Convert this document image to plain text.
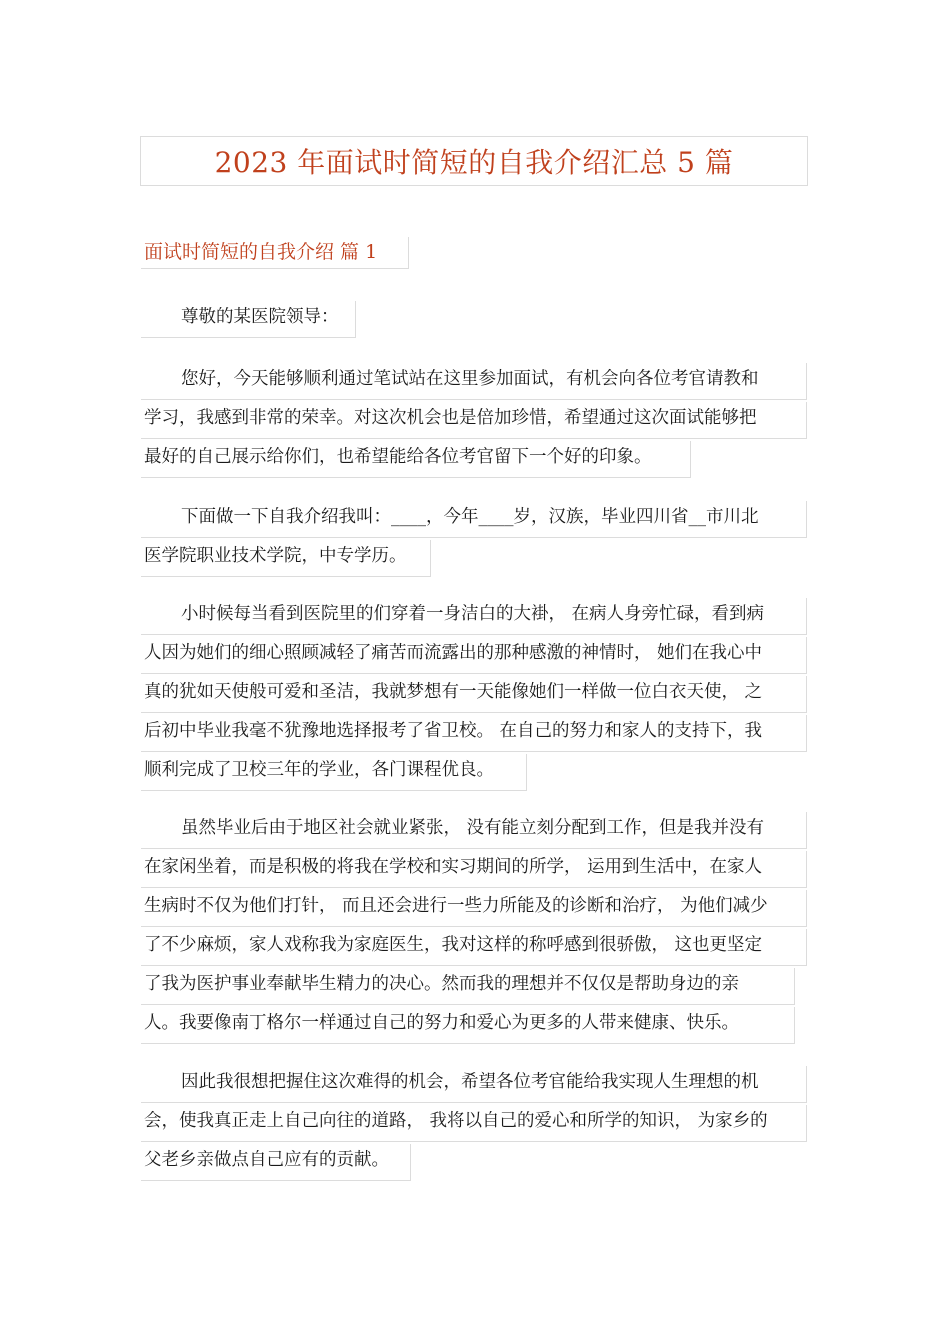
2023 年面试时简短的自我介绍汇总 5 篇
面试时简短的自我介绍 篇 1
尊敬的某医院领导：
您好，今天能够顺利通过笔试站在这里参加面试，有机会向各位考官请教和
学习，我感到非常的荣幸。对这次机会也是倍加珍惜，希望通过这次面试能够把
最好的自己展示给你们，也希望能给各位考官留下一个好的印象。
下面做一下自我介绍我叫：____，今年____岁，汉族，毕业四川省__市川北
医学院职业技术学院，中专学历。
小时候每当看到医院里的们穿着一身洁白的大褂， 在病人身旁忙碌，看到病
人因为她们的细心照顾减轻了痛苦而流露出的那种感激的神情时， 她们在我心中
真的犹如天使般可爱和圣洁，我就梦想有一天能像她们一样做一位白衣天使， 之
后初中毕业我毫不犹豫地选择报考了省卫校。 在自己的努力和家人的支持下，我
顺利完成了卫校三年的学业，各门课程优良。
虽然毕业后由于地区社会就业紧张， 没有能立刻分配到工作，但是我并没有
在家闲坐着，而是积极的将我在学校和实习期间的所学， 运用到生活中，在家人
生病时不仅为他们打针， 而且还会进行一些力所能及的诊断和治疗， 为他们减少
了不少麻烦，家人戏称我为家庭医生，我对这样的称呼感到很骄傲， 这也更坚定
了我为医护事业奉献毕生精力的决心。然而我的理想并不仅仅是帮助身边的亲
人。我要像南丁格尔一样通过自己的努力和爱心为更多的人带来健康、快乐。
因此我很想把握住这次难得的机会，希望各位考官能给我实现人生理想的机
会，使我真正走上自己向往的道路， 我将以自己的爱心和所学的知识， 为家乡的
父老乡亲做点自己应有的贡献。
